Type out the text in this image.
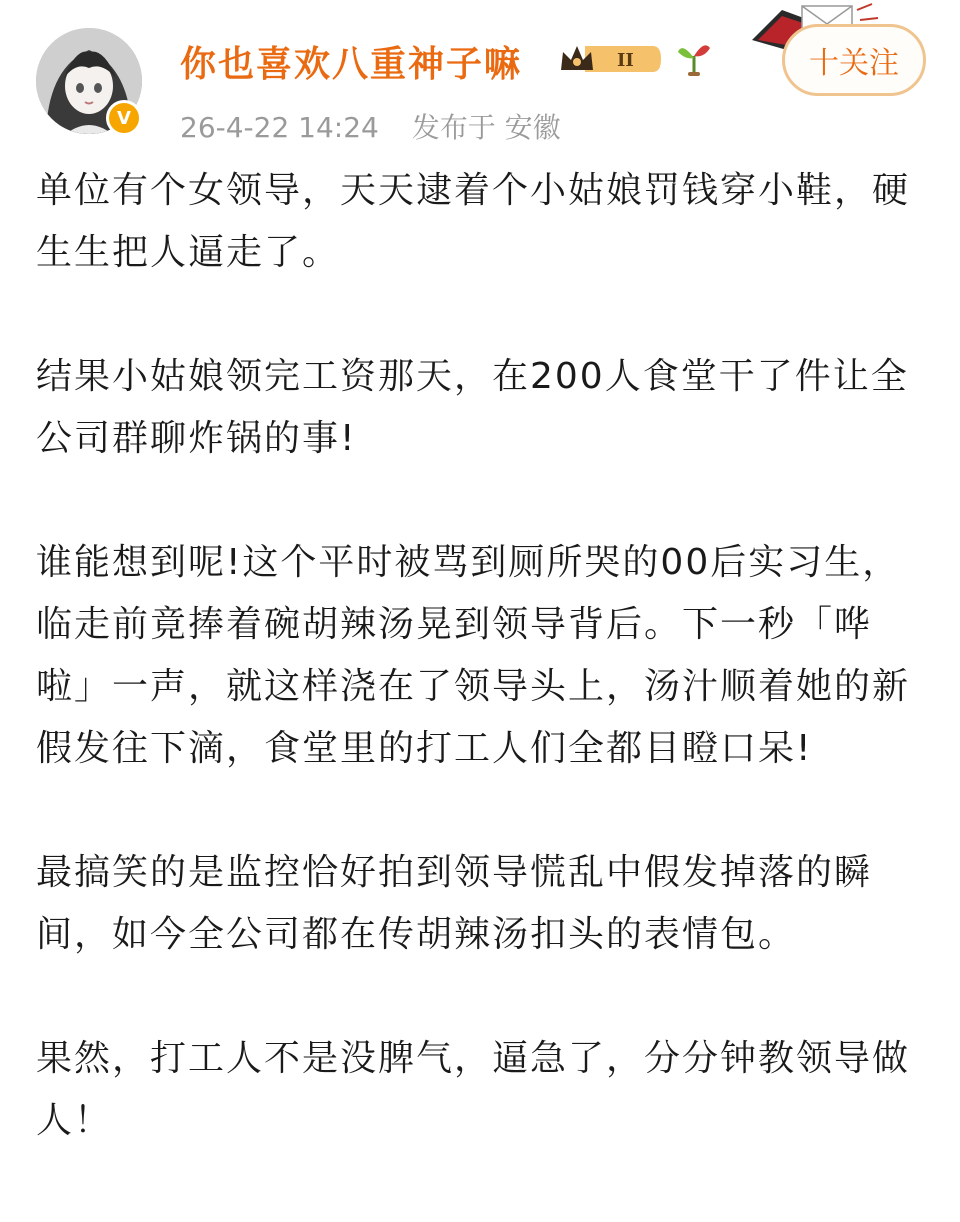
V
你也喜欢八重神子嘛	II	十关注
26-4-22 14:24 发布于 安徽

单位有个女领导，天天逮着个小姑娘罚钱穿小鞋，硬生生把人逼走了。

结果小姑娘领完工资那天，在200人食堂干了件让全公司群聊炸锅的事!

谁能想到呢!这个平时被骂到厕所哭的00后实习生，临走前竟捧着碗胡辣汤晃到领导背后。下一秒「哗啦」一声，就这样浇在了领导头上，汤汁顺着她的新假发往下滴，食堂里的打工人们全都目瞪口呆!

最搞笑的是监控恰好拍到领导慌乱中假发掉落的瞬间，如今全公司都在传胡辣汤扣头的表情包。

果然，打工人不是没脾气，逼急了，分分钟教领导做人！
